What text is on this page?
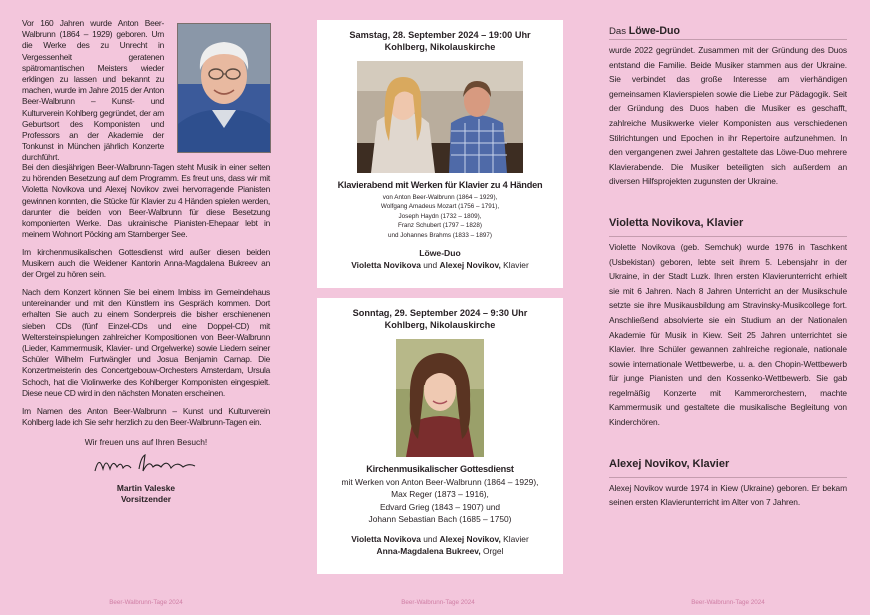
Vor 160 Jahren wurde Anton Beer-Walbrunn (1864 – 1929) geboren. Um die Werke des zu Unrecht in Vergessenheit geratenen spätromantischen Meisters wieder erklingen zu lassen und bekannt zu machen, wurde im Jahre 2015 der Anton Beer-Walbrunn – Kunst- und Kulturverein Kohlberg gegründet, der am Geburtsort des Komponisten und Professors an der Akademie der Tonkunst in München jährlich Konzerte durchführt.

Bei den diesjährigen Beer-Walbrunn-Tagen steht Musik in einer selten zu hörenden Besetzung auf dem Programm. Es freut uns, dass wir mit Violetta Novikova und Alexej Novikov zwei hervorragende Pianisten gewinnen konnten, die Stücke für Klavier zu 4 Händen spielen werden, darunter die beiden von Beer-Walbrunn für diese Besetzung komponierten Werke. Das ukrainische Pianisten-Ehepaar lebt in meinem Wohnort Pöcking am Starnberger See.

Im kirchenmusikalischen Gottesdienst wird außer diesen beiden Musikern auch die Weidener Kantorin Anna-Magdalena Bukreev an der Orgel zu hören sein.

Nach dem Konzert können Sie bei einem Imbiss im Gemeindehaus untereinander und mit den Künstlern ins Gespräch kommen. Dort erhalten Sie auch zu einem Sonderpreis die bisher erschienenen sieben CDs (fünf Einzel-CDs und eine Doppel-CD) mit Weltersteinspielungen zahlreicher Kompositionen von Beer-Walbrunn (Lieder, Kammermusik, Klavier- und Orgelwerke) sowie Liedern seiner Schüler Wilhelm Furtwängler und Josua Benjamin Carnap. Die Konzertmeisterin des Concertgebouw-Orchesters Amsterdam, Ursula Schoch, hat die Violinwerke des Kohlberger Komponisten eingespielt. Diese neue CD wird in den nächsten Monaten erscheinen.

Im Namen des Anton Beer-Walbrunn – Kunst und Kulturverein Kohlberg lade ich Sie sehr herzlich zu den Beer-Walbrunn-Tagen ein.

Wir freuen uns auf Ihren Besuch!
Martin Valeske
Vorsitzender
Samstag, 28. September 2024 – 19:00 Uhr
Kohlberg, Nikolauskirche
Klavierabend mit Werken für Klavier zu 4 Händen
von Anton Beer-Walbrunn (1864 – 1929),
Wolfgang Amadeus Mozart (1756 – 1791),
Joseph Haydn (1732 – 1809),
Franz Schubert (1797 – 1828)
und Johannes Brahms (1833 – 1897)
Löwe-Duo
Violetta Novikova und Alexej Novikov, Klavier
Sonntag, 29. September 2024 – 9:30 Uhr
Kohlberg, Nikolauskirche
Kirchenmusikalischer Gottesdienst
mit Werken von Anton Beer-Walbrunn (1864 – 1929),
Max Reger (1873 – 1916),
Edvard Grieg (1843 – 1907) und
Johann Sebastian Bach (1685 – 1750)
Violetta Novikova und Alexej Novikov, Klavier
Anna-Magdalena Bukreev, Orgel
Das Löwe-Duo

wurde 2022 gegründet. Zusammen mit der Gründung des Duos entstand die Familie. Beide Musiker stammen aus der Ukraine. Sie verbindet das große Interesse am vierhändigen gemeinsamen Klavierspielen sowie die Liebe zur Pädagogik. Seit der Gründung des Duos haben die Musiker es geschafft, zahlreiche Musikwerke vieler Komponisten aus verschiedenen Stilrichtungen und Epochen in ihr Repertoire aufzunehmen. In den vergangenen zwei Jahren gestaltete das Löwe-Duo mehrere Klavierabende. Die Musiker beteiligten sich außerdem an diversen Hilfsprojekten zugunsten der Ukraine.

Violetta Novikova, Klavier

Violette Novikova (geb. Semchuk) wurde 1976 in Taschkent (Usbekistan) geboren, lebte seit ihrem 5. Lebensjahr in der Ukraine, in der Stadt Luzk. Ihren ersten Klavierunterricht erhielt sie mit 6 Jahren. Nach 8 Jahren Unterricht an der Musikschule setzte sie ihre Musikausbildung am Stravinsky-Musikcollege fort. Anschließend absolvierte sie ein Studium an der Nationalen Akademie für Musik in Kiew. Seit 25 Jahren unterrichtet sie Klavier. Ihre Schüler gewannen zahlreiche regionale, nationale sowie internationale Wettbewerbe, u. a. den Chopin-Wettbewerb für junge Pianisten und den Kossenko-Wettbewerb. Sie gab regelmäßig Konzerte mit Kammerorchestern, machte Kammermusik und gestaltete die musikalische Begleitung von Kinderchören.

Alexej Novikov, Klavier

Alexej Novikov wurde 1974 in Kiew (Ukraine) geboren. Er bekam seinen ersten Klavierunterricht im Alter von 7 Jahren.

Beer-Walbrunn-Tage 2024	Beer-Walbrunn-Tage 2024	Beer-Walbrunn-Tage 2024
